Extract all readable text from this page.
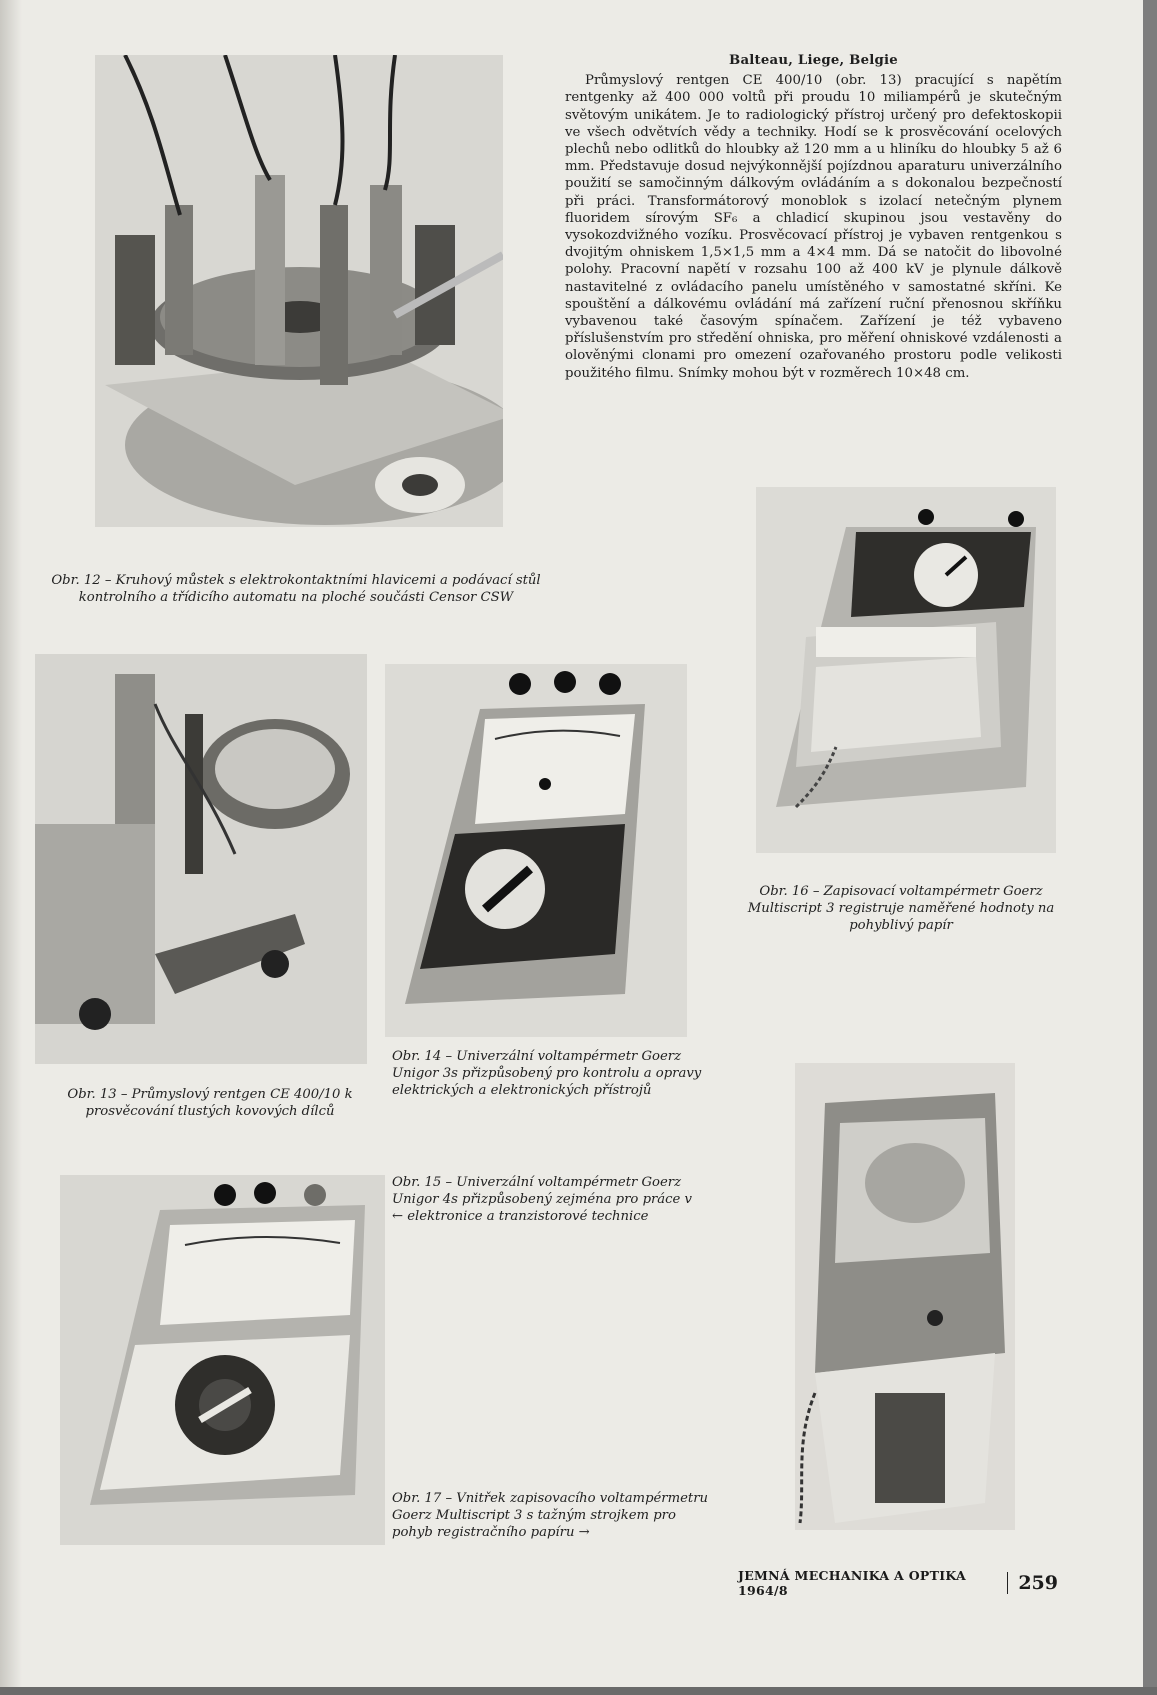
Obr. 12 – Kruhový můstek s elektrokontaktními hlavicemi a podávací stůl kontrolního a třídicího automatu na ploché součásti Censor CSW
Balteau, Liege, Belgie

Průmyslový rentgen CE 400/10 (obr. 13) pracující s napětím rentgenky až 400 000 voltů při proudu 10 miliampérů je skutečným světovým unikátem. Je to radiologický přístroj určený pro defektoskopii ve všech odvětvích vědy a techniky. Hodí se k prosvěcování ocelových plechů nebo odlitků do hloubky až 120 mm a u hliníku do hloubky 5 až 6 mm. Představuje dosud nejvýkonnější pojízdnou aparaturu univerzálního použití se samočinným dálkovým ovládáním a s dokonalou bezpečností při práci. Transformátorový monoblok s izolací netečným plynem fluoridem sírovým SF₆ a chladicí skupinou jsou vestavěny do vysokozdvižného vozíku. Prosvěcovací přístroj je vybaven rentgenkou s dvojitým ohniskem 1,5×1,5 mm a 4×4 mm. Dá se natočit do libovolné polohy. Pracovní napětí v rozsahu 100 až 400 kV je plynule dálkově nastavitelné z ovládacího panelu umístěného v samostatné skříni. Ke spouštění a dálkovému ovládání má zařízení ruční přenosnou skříňku vybavenou také časovým spínačem. Zařízení je též vybaveno příslušenstvím pro středění ohniska, pro měření ohniskové vzdálenosti a olověnými clonami pro omezení ozařovaného prostoru podle velikosti použitého filmu. Snímky mohou být v rozměrech 10×48 cm.

Obr. 16 – Zapisovací voltampérmetr Goerz Multiscript 3 registruje naměřené hodnoty na pohyblivý papír
Obr. 13 – Průmyslový rentgen CE 400/10 k prosvěcování tlustých kovových dílců
Obr. 14 – Univerzální voltampérmetr Goerz Unigor 3s přizpůsobený pro kontrolu a opravy elektrických a elektronických přístrojů
Obr. 15 – Univerzální voltampérmetr Goerz Unigor 4s přizpůsobený zejména pro práce v ← elektronice a tranzistorové technice
Obr. 17 – Vnitřek zapisovacího voltampérmetru Goerz Multiscript 3 s tažným strojkem pro pohyb registračního papíru →
JEMNÁ MECHANIKA A OPTIKA 1964/8	259
